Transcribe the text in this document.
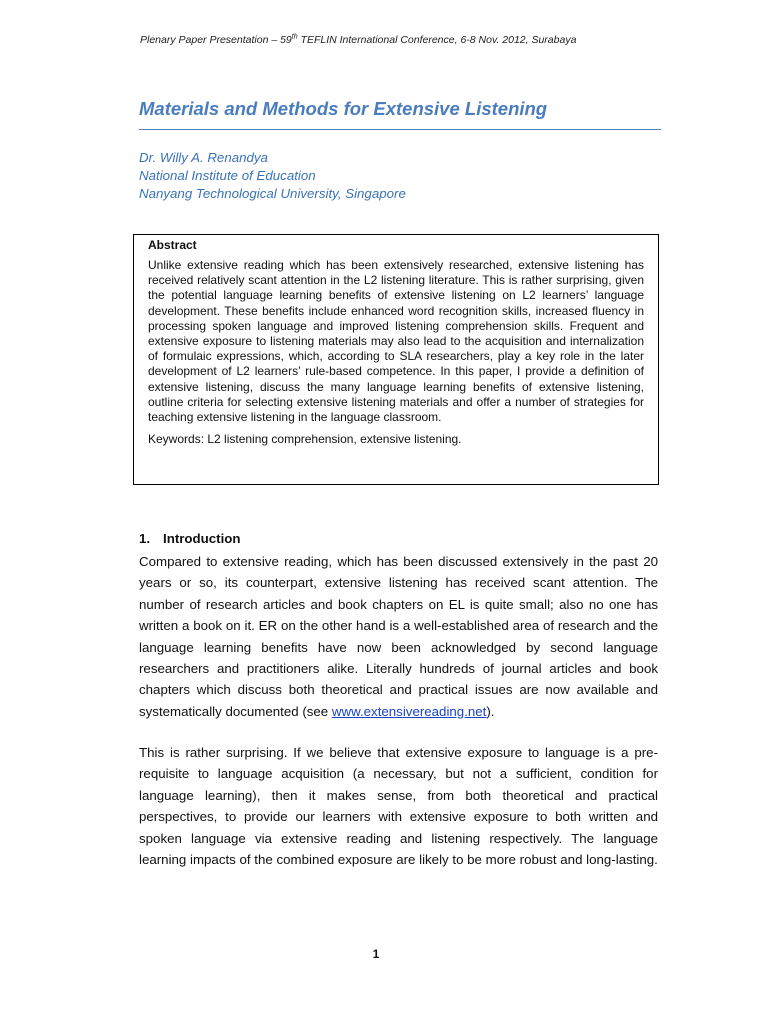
Plenary Paper Presentation – 59th TEFLIN International Conference, 6-8 Nov. 2012, Surabaya
Materials and Methods for Extensive Listening
Dr. Willy A. Renandya
National Institute of Education
Nanyang Technological University, Singapore

Abstract

Unlike extensive reading which has been extensively researched, extensive listening has received relatively scant attention in the L2 listening literature. This is rather surprising, given the potential language learning benefits of extensive listening on L2 learners’ language development. These benefits include enhanced word recognition skills, increased fluency in processing spoken language and improved listening comprehension skills. Frequent and extensive exposure to listening materials may also lead to the acquisition and internalization of formulaic expressions, which, according to SLA researchers, play a key role in the later development of L2 learners’ rule-based competence. In this paper, I provide a definition of extensive listening, discuss the many language learning benefits of extensive listening, outline criteria for selecting extensive listening materials and offer a number of strategies for teaching extensive listening in the language classroom.

Keywords: L2 listening comprehension, extensive listening.

1. Introduction

Compared to extensive reading, which has been discussed extensively in the past 20 years or so, its counterpart, extensive listening has received scant attention. The number of research articles and book chapters on EL is quite small; also no one has written a book on it. ER on the other hand is a well-established area of research and the language learning benefits have now been acknowledged by second language researchers and practitioners alike. Literally hundreds of journal articles and book chapters which discuss both theoretical and practical issues are now available and systematically documented (see www.extensivereading.net).

This is rather surprising. If we believe that extensive exposure to language is a pre-requisite to language acquisition (a necessary, but not a sufficient, condition for language learning), then it makes sense, from both theoretical and practical perspectives, to provide our learners with extensive exposure to both written and spoken language via extensive reading and listening respectively. The language learning impacts of the combined exposure are likely to be more robust and long-lasting.

1
